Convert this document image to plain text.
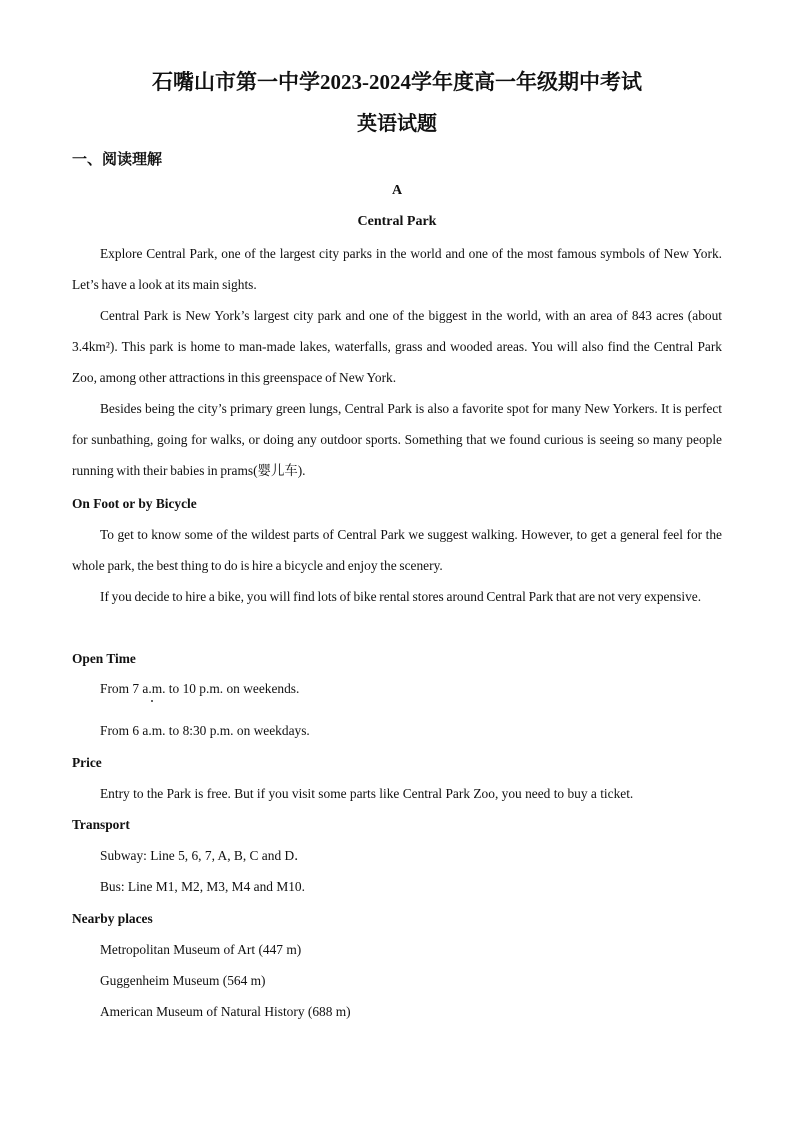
石嘴山市第一中学2023-2024学年度高一年级期中考试
英语试题
一、阅读理解
A
Central Park
Explore Central Park, one of the largest city parks in the world and one of the most famous symbols of New York. Let’s have a look at its main sights.
Central Park is New York’s largest city park and one of the biggest in the world, with an area of 843 acres (about 3.4km²). This park is home to man-made lakes, waterfalls, grass and wooded areas. You will also find the Central Park Zoo, among other attractions in this greenspace of New York.
Besides being the city’s primary green lungs, Central Park is also a favorite spot for many New Yorkers. It is perfect for sunbathing, going for walks, or doing any outdoor sports. Something that we found curious is seeing so many people running with their babies in prams(婴儿车).
On Foot or by Bicycle
To get to know some of the wildest parts of Central Park we suggest walking. However, to get a general feel for the whole park, the best thing to do is hire a bicycle and enjoy the scenery.
If you decide to hire a bike, you will find lots of bike rental stores around Central Park that are not very expensive.
Open Time
From 7 a.m. to 10 p.m. on weekends.
From 6 a.m. to 8:30 p.m. on weekdays.
Price
Entry to the Park is free. But if you visit some parts like Central Park Zoo, you need to buy a ticket.
Transport
Subway: Line 5, 6, 7, A, B, C and D．
Bus: Line M1, M2, M3, M4 and M10.
Nearby places
Metropolitan Museum of Art (447 m)
Guggenheim Museum (564 m)
American Museum of Natural History (688 m)
